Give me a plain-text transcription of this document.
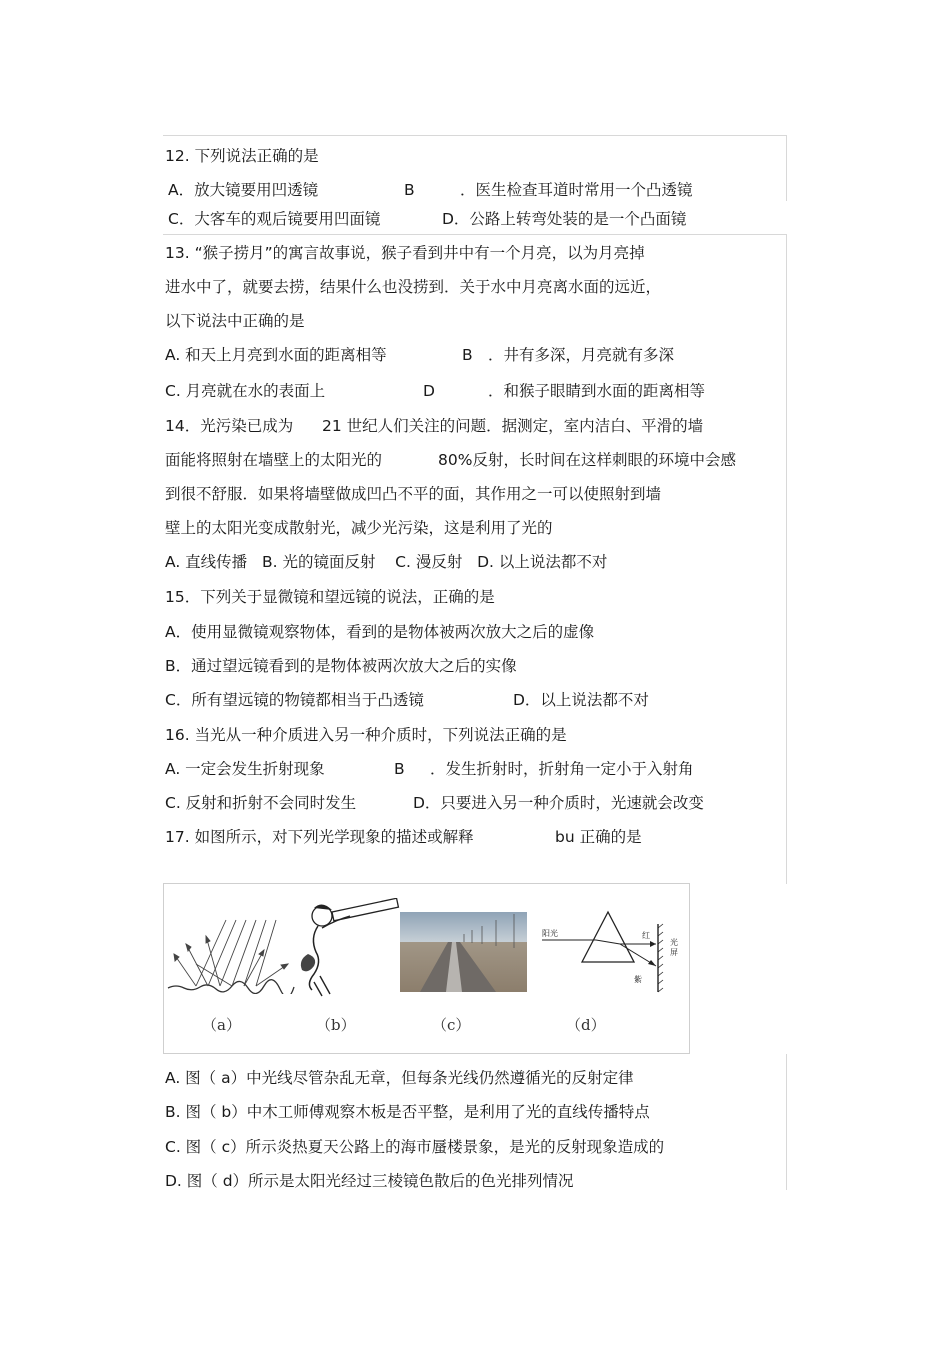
12. 下列说法正确的是
A．放大镜要用凹透镜	B	．医生检查耳道时常用一个凸透镜
C．大客车的观后镜要用凹面镜	D．公路上转弯处装的是一个凸面镜
13. “猴子捞月”的寓言故事说，猴子看到井中有一个月亮，以为月亮掉
进水中了，就要去捞，结果什么也没捞到．关于水中月亮离水面的远近，
以下说法中正确的是
A. 和天上月亮到水面的距离相等	B ．井有多深，月亮就有多深
C. 月亮就在水的表面上	D	．和猴子眼睛到水面的距离相等
14．光污染已成为 21 世纪人们关注的问题．据测定，室内洁白、平滑的墙
面能将照射在墙壁上的太阳光的	80%反射，长时间在这样刺眼的环境中会感
到很不舒服．如果将墙壁做成凹凸不平的面，其作用之一可以使照射到墙
壁上的太阳光变成散射光，减少光污染，这是利用了光的
A. 直线传播   B. 光的镜面反射    C. 漫反射   D. 以上说法都不对
15．下列关于显微镜和望远镜的说法，正确的是
A．使用显微镜观察物体，看到的是物体被两次放大之后的虚像
B．通过望远镜看到的是物体被两次放大之后的实像
C．所有望远镜的物镜都相当于凸透镜	D．以上说法都不对
16. 当光从一种介质进入另一种介质时，下列说法正确的是
A. 一定会发生折射现象	B ．发生折射时，折射角一定小于入射角
C. 反射和折射不会同时发生	D．只要进入另一种介质时，光速就会改变
17. 如图所示，对下列光学现象的描述或解释	bu 正确的是
阳光	红
紫
光屏
（a）	（b）	（c）	（d）
A. 图（ a）中光线尽管杂乱无章，但每条光线仍然遵循光的反射定律
B. 图（ b）中木工师傅观察木板是否平整，是利用了光的直线传播特点
C. 图（ c）所示炎热夏天公路上的海市蜃楼景象，是光的反射现象造成的
D. 图（ d）所示是太阳光经过三棱镜色散后的色光排列情况
